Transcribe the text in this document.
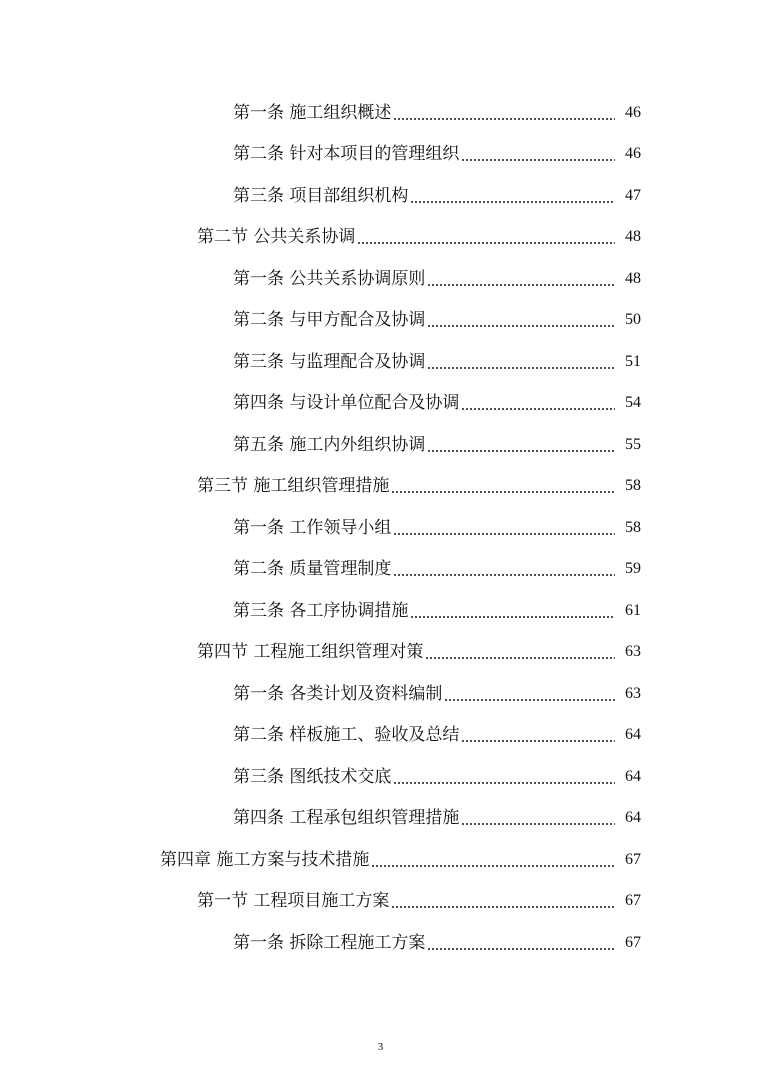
第一条 施工组织概述	46
第二条 针对本项目的管理组织	46
第三条 项目部组织机构	47
第二节 公共关系协调	48
第一条 公共关系协调原则	48
第二条 与甲方配合及协调	50
第三条 与监理配合及协调	51
第四条 与设计单位配合及协调	54
第五条 施工内外组织协调	55
第三节 施工组织管理措施	58
第一条 工作领导小组	58
第二条 质量管理制度	59
第三条 各工序协调措施	61
第四节 工程施工组织管理对策	63
第一条 各类计划及资料编制	63
第二条 样板施工、验收及总结	64
第三条 图纸技术交底	64
第四条 工程承包组织管理措施	64
第四章 施工方案与技术措施	67
第一节 工程项目施工方案	67
第一条 拆除工程施工方案	67
3
